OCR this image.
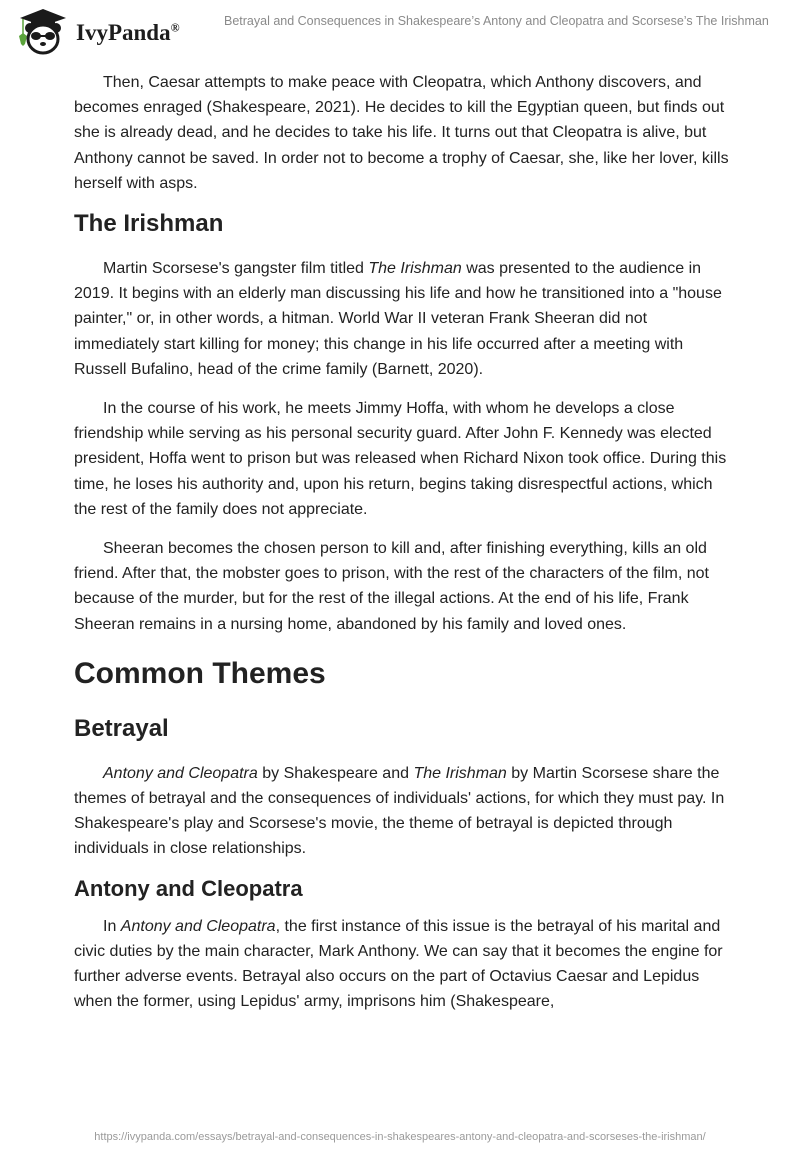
IvyPanda®	Betrayal and Consequences in Shakespeare’s Antony and Cleopatra and Scorsese’s The Irishman

Then, Caesar attempts to make peace with Cleopatra, which Anthony discovers, and becomes enraged (Shakespeare, 2021). He decides to kill the Egyptian queen, but finds out she is already dead, and he decides to take his life. It turns out that Cleopatra is alive, but Anthony cannot be saved. In order not to become a trophy of Caesar, she, like her lover, kills herself with asps.

The Irishman

Martin Scorsese's gangster film titled The Irishman was presented to the audience in 2019. It begins with an elderly man discussing his life and how he transitioned into a "house painter," or, in other words, a hitman. World War II veteran Frank Sheeran did not immediately start killing for money; this change in his life occurred after a meeting with Russell Bufalino, head of the crime family (Barnett, 2020).

In the course of his work, he meets Jimmy Hoffa, with whom he develops a close friendship while serving as his personal security guard. After John F. Kennedy was elected president, Hoffa went to prison but was released when Richard Nixon took office. During this time, he loses his authority and, upon his return, begins taking disrespectful actions, which the rest of the family does not appreciate.

Sheeran becomes the chosen person to kill and, after finishing everything, kills an old friend. After that, the mobster goes to prison, with the rest of the characters of the film, not because of the murder, but for the rest of the illegal actions. At the end of his life, Frank Sheeran remains in a nursing home, abandoned by his family and loved ones.

Common Themes
Betrayal

Antony and Cleopatra by Shakespeare and The Irishman by Martin Scorsese share the themes of betrayal and the consequences of individuals' actions, for which they must pay. In Shakespeare's play and Scorsese's movie, the theme of betrayal is depicted through individuals in close relationships.

Antony and Cleopatra

In Antony and Cleopatra, the first instance of this issue is the betrayal of his marital and civic duties by the main character, Mark Anthony. We can say that it becomes the engine for further adverse events. Betrayal also occurs on the part of Octavius Caesar and Lepidus when the former, using Lepidus' army, imprisons him (Shakespeare,

https://ivypanda.com/essays/betrayal-and-consequences-in-shakespeares-antony-and-cleopatra-and-scorseses-the-irishman/
